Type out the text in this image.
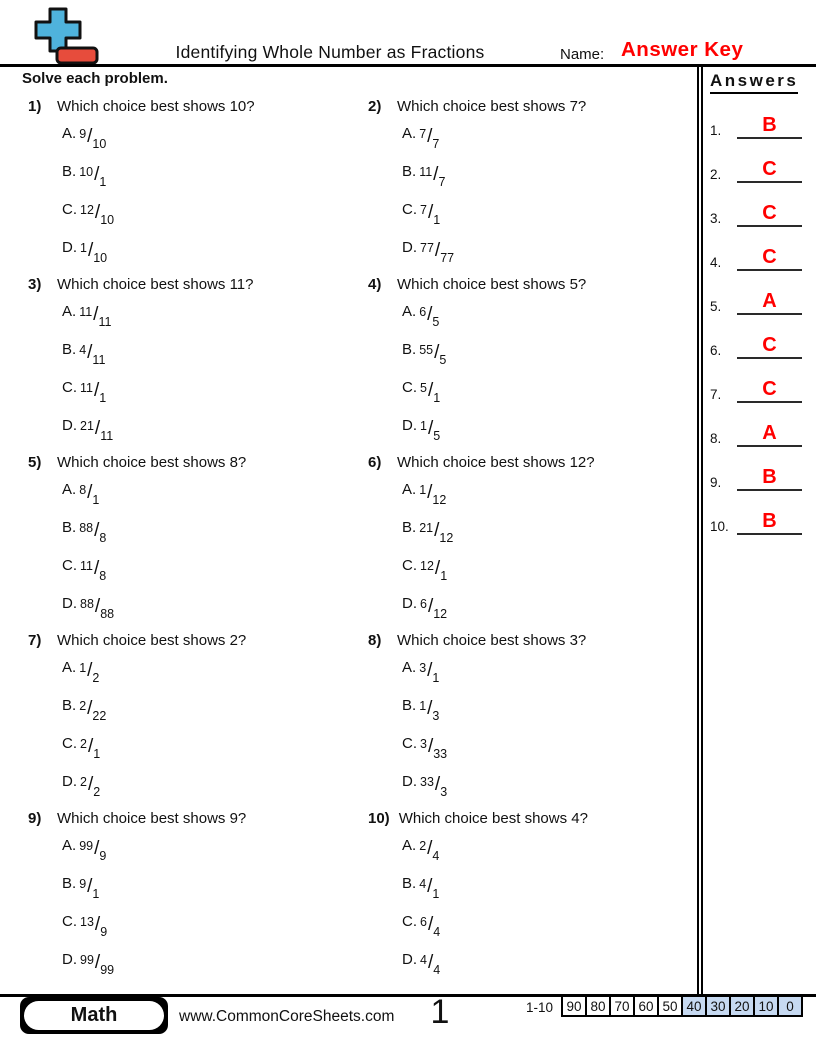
Identifying Whole Number as Fractions	Name: Answer Key
Solve each problem.
1)	Which choice best shows 10?
A. $9/_{10}$
B. $10/_1$
C. $12/_{10}$
D. $1/_{10}$
2)	Which choice best shows 7?
A. $7/_7$
B. $11/_7$
C. $7/_1$
D. $77/_{77}$
3)	Which choice best shows 11?
A. $11/_{11}$
B. $4/_{11}$
C. $11/_1$
D. $21/_{11}$
4)	Which choice best shows 5?
A. $6/_5$
B. $55/_5$
C. $5/_1$
D. $1/_5$
5)	Which choice best shows 8?
A. $8/_1$
B. $88/_8$
C. $11/_8$
D. $88/_{88}$
6)	Which choice best shows 12?
A. $1/_{12}$
B. $21/_{12}$
C. $12/_1$
D. $6/_{12}$
7)	Which choice best shows 2?
A. $1/_2$
B. $2/_{22}$
C. $2/_1$
D. $2/_2$
8)	Which choice best shows 3?
A. $3/_1$
B. $1/_3$
C. $3/_{33}$
D. $33/_3$
9)	Which choice best shows 9?
A. $99/_9$
B. $9/_1$
C. $13/_9$
D. $99/_{99}$
10) Which choice best shows 4?
A. $2/_4$
B. $4/_1$
C. $6/_4$
D. $4/_4$
Answers
1.	B
2.	C
3.	C
4.	C
5.	A
6.	C
7.	C
8.	A
9.	B
10.	B
Math	www.CommonCoreSheets.com	1	1-10 90 80 70 60 50 40 30 20 10 0
